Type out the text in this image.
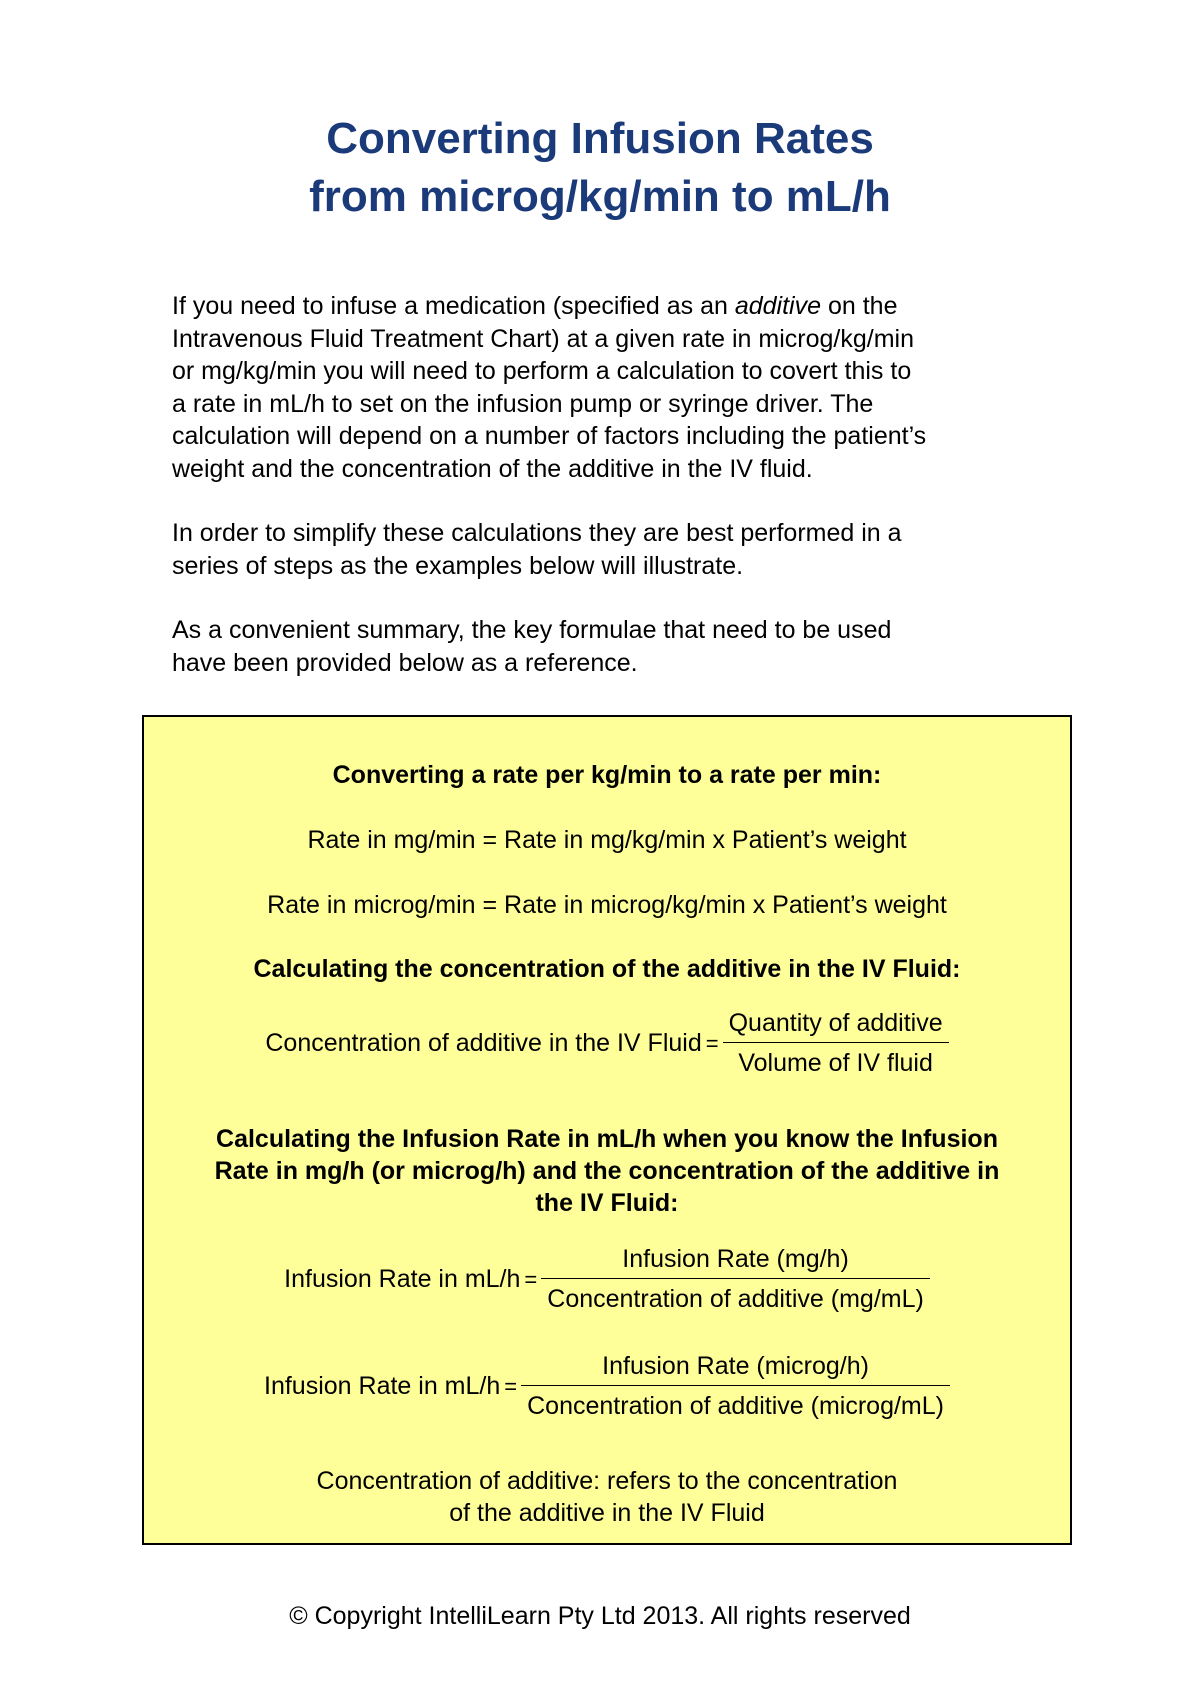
Converting Infusion Rates
from microg/kg/min to mL/h

If you need to infuse a medication (specified as an additive on the
Intravenous Fluid Treatment Chart) at a given rate in microg/kg/min
or mg/kg/min you will need to perform a calculation to covert this to
a rate in mL/h to set on the infusion pump or syringe driver. The
calculation will depend on a number of factors including the patient’s
weight and the concentration of the additive in the IV fluid.

In order to simplify these calculations they are best performed in a
series of steps as the examples below will illustrate.

As a convenient summary, the key formulae that need to be used
have been provided below as a reference.

Converting a rate per kg/min to a rate per min:
Rate in mg/min = Rate in mg/kg/min x Patient’s weight
Rate in microg/min = Rate in microg/kg/min x Patient’s weight
Calculating the concentration of the additive in the IV Fluid:
Concentration of additive in the IV Fluid = $\frac{\text{Quantity of additive}}{\text{Volume of IV fluid}}$
Calculating the Infusion Rate in mL/h when you know the Infusion
Rate in mg/h (or microg/h) and the concentration of the additive in
the IV Fluid:
Infusion Rate in $mL/h = \frac{\text{Infusion Rate (mg/h)}}{\text{Concentration of additive (mg/mL)}}$
Infusion Rate in $mL/h = \frac{\text{Infusion Rate (microg/h)}}{\text{Concentration of additive (microg/mL)}}$
Concentration of additive: refers to the concentration
of the additive in the IV Fluid
© Copyright IntelliLearn Pty Ltd 2013. All rights reserved
